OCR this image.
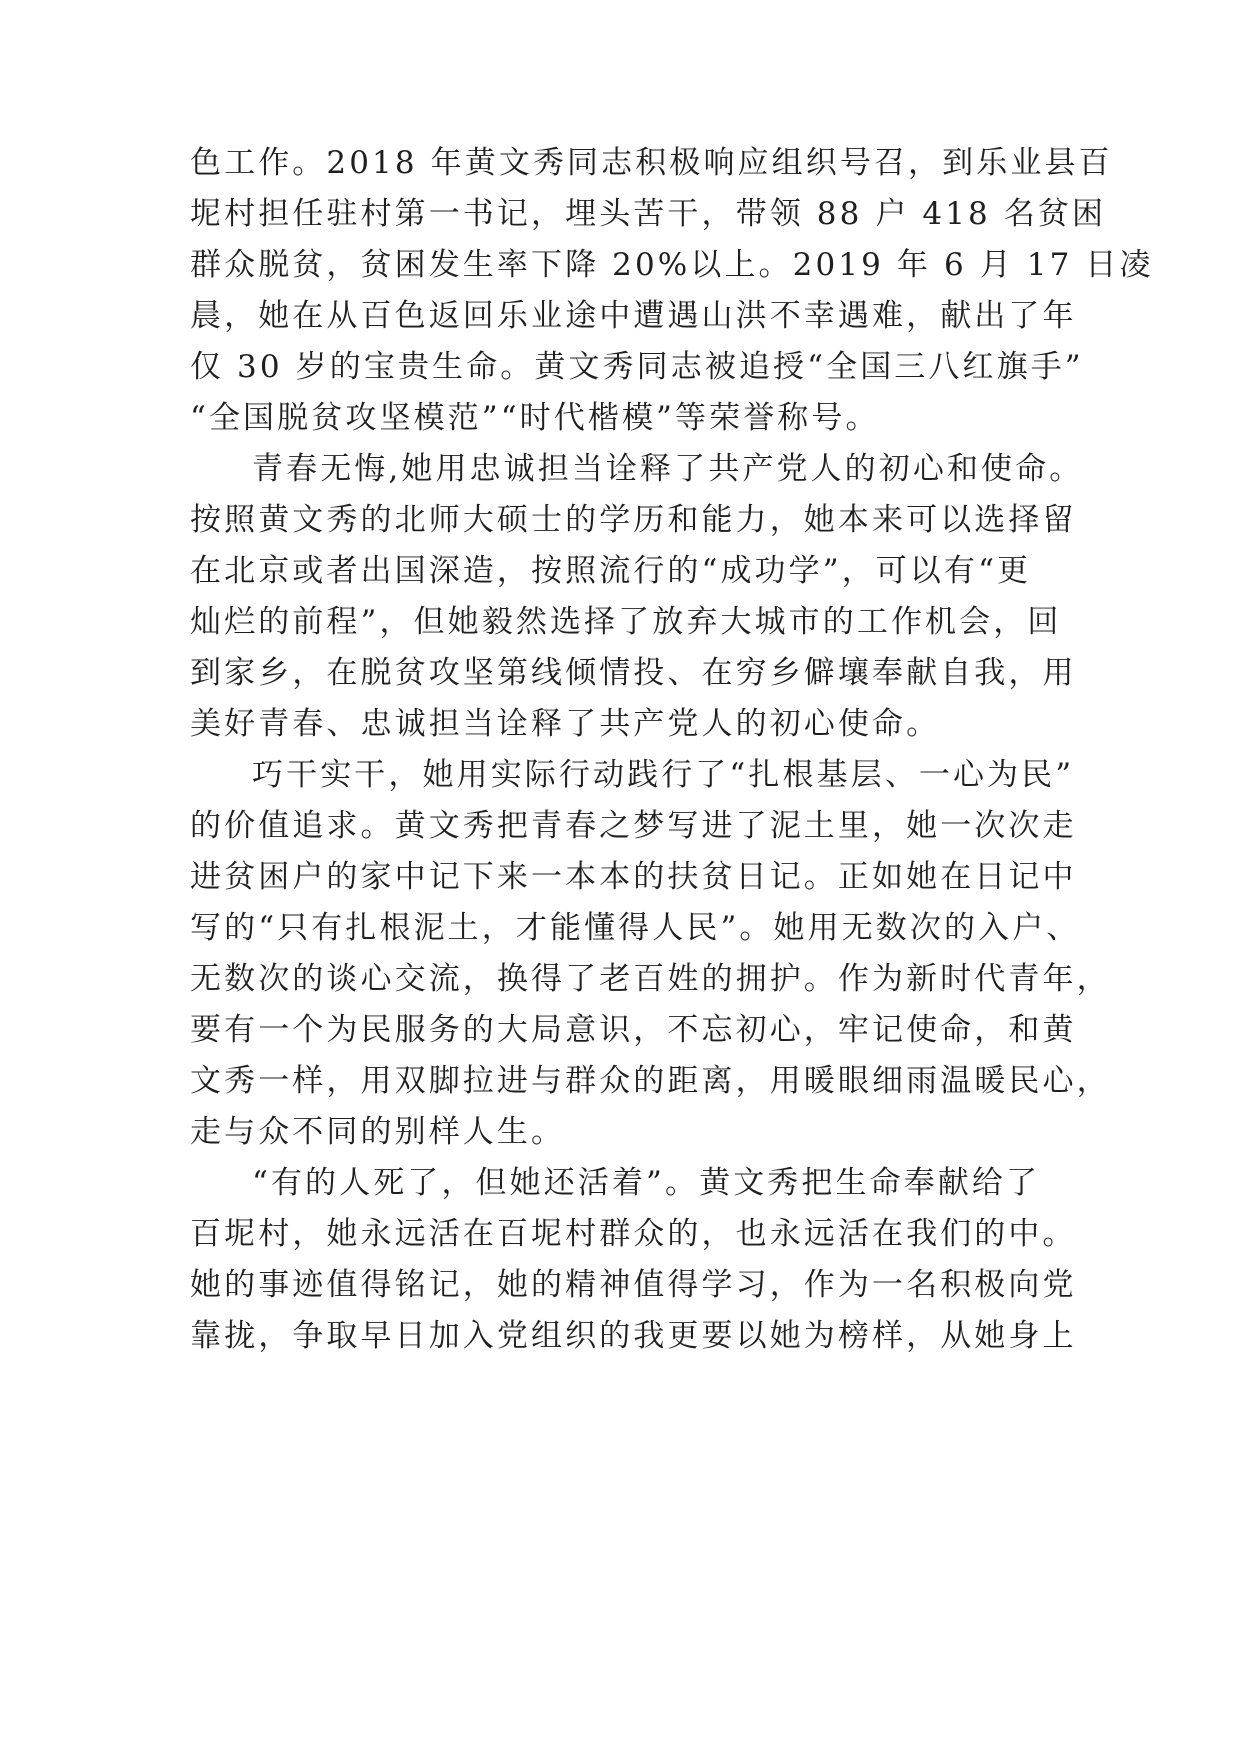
色工作。2018 年黄文秀同志积极响应组织号召，到乐业县百
坭村担任驻村第一书记，埋头苦干，带领 88 户 418 名贫困
群众脱贫，贫困发生率下降 20%以上。2019 年 6 月 17 日凌
晨，她在从百色返回乐业途中遭遇山洪不幸遇难，献出了年
仅 30 岁的宝贵生命。黄文秀同志被追授“全国三八红旗手”
“全国脱贫攻坚模范”“时代楷模”等荣誉称号。
青春无悔,她用忠诚担当诠释了共产党人的初心和使命。
按照黄文秀的北师大硕士的学历和能力，她本来可以选择留
在北京或者出国深造，按照流行的“成功学”，可以有“更
灿烂的前程”，但她毅然选择了放弃大城市的工作机会，回
到家乡，在脱贫攻坚第线倾情投、在穷乡僻壤奉献自我，用
美好青春、忠诚担当诠释了共产党人的初心使命。
巧干实干，她用实际行动践行了“扎根基层、一心为民”
的价值追求。黄文秀把青春之梦写进了泥土里，她一次次走
进贫困户的家中记下来一本本的扶贫日记。正如她在日记中
写的“只有扎根泥土，才能懂得人民”。她用无数次的入户、
无数次的谈心交流，换得了老百姓的拥护。作为新时代青年，
要有一个为民服务的大局意识，不忘初心，牢记使命，和黄
文秀一样，用双脚拉进与群众的距离，用暖眼细雨温暖民心，
走与众不同的别样人生。
“有的人死了，但她还活着”。黄文秀把生命奉献给了
百坭村，她永远活在百坭村群众的，也永远活在我们的中。
她的事迹值得铭记，她的精神值得学习，作为一名积极向党
靠拢，争取早日加入党组织的我更要以她为榜样，从她身上
